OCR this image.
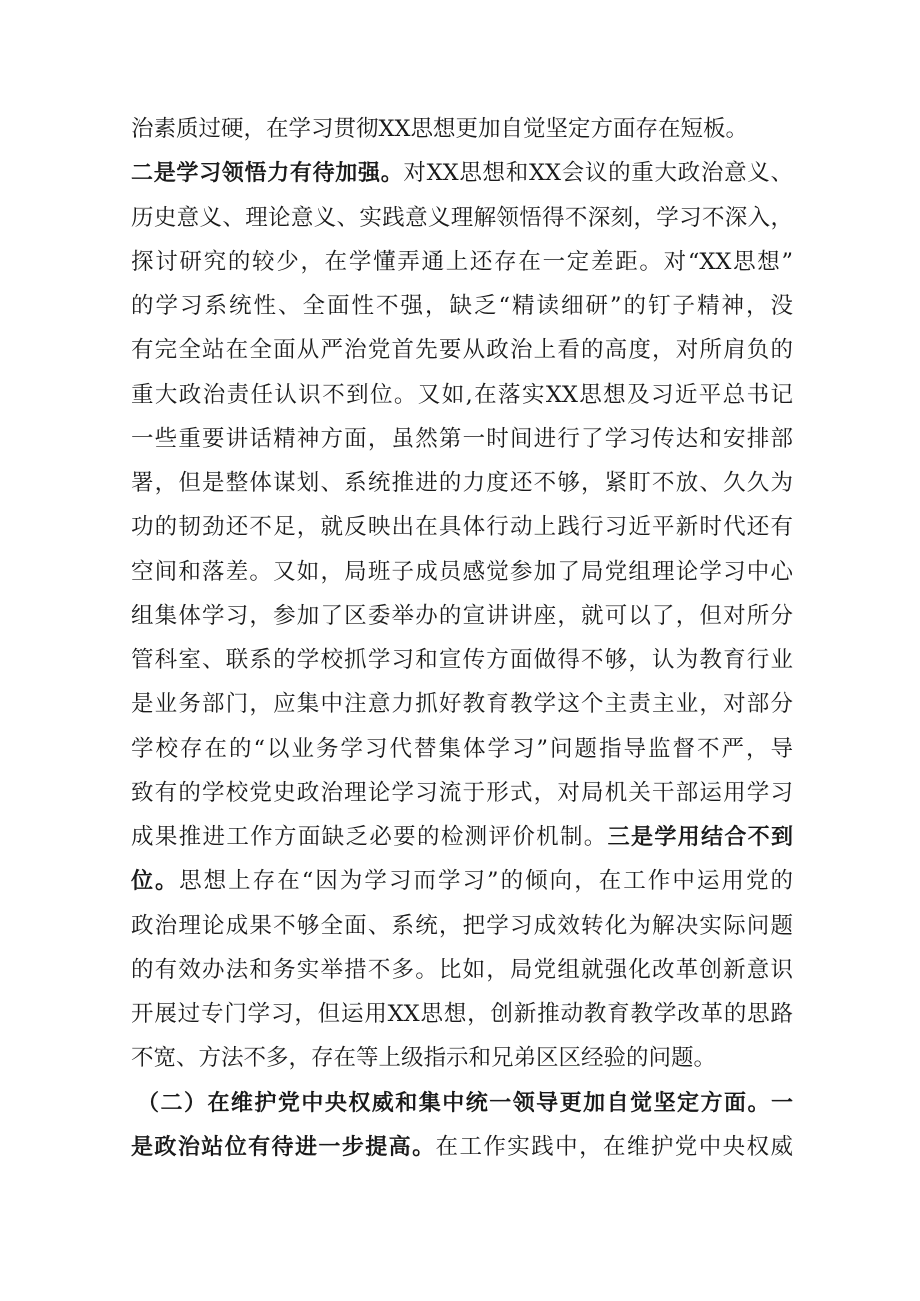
治素质过硬，在学习贯彻XX思想更加自觉坚定方面存在短板。
二是学习领悟力有待加强。对XX思想和XX会议的重大政治意义、
历史意义、理论意义、实践意义理解领悟得不深刻，学习不深入，
探讨研究的较少，在学懂弄通上还存在一定差距。对“XX思想”
的学习系统性、全面性不强，缺乏“精读细研”的钉子精神，没
有完全站在全面从严治党首先要从政治上看的高度，对所肩负的
重大政治责任认识不到位。又如,在落实XX思想及习近平总书记
一些重要讲话精神方面，虽然第一时间进行了学习传达和安排部
署，但是整体谋划、系统推进的力度还不够，紧盯不放、久久为
功的韧劲还不足，就反映出在具体行动上践行习近平新时代还有
空间和落差。又如，局班子成员感觉参加了局党组理论学习中心
组集体学习，参加了区委举办的宣讲讲座，就可以了，但对所分
管科室、联系的学校抓学习和宣传方面做得不够，认为教育行业
是业务部门，应集中注意力抓好教育教学这个主责主业，对部分
学校存在的“以业务学习代替集体学习”问题指导监督不严，导
致有的学校党史政治理论学习流于形式，对局机关干部运用学习
成果推进工作方面缺乏必要的检测评价机制。三是学用结合不到
位。思想上存在“因为学习而学习”的倾向，在工作中运用党的
政治理论成果不够全面、系统，把学习成效转化为解决实际问题
的有效办法和务实举措不多。比如，局党组就强化改革创新意识
开展过专门学习，但运用XX思想，创新推动教育教学改革的思路
不宽、方法不多，存在等上级指示和兄弟区区经验的问题。
（二）在维护党中央权威和集中统一领导更加自觉坚定方面。一
是政治站位有待进一步提高。在工作实践中，在维护党中央权威
